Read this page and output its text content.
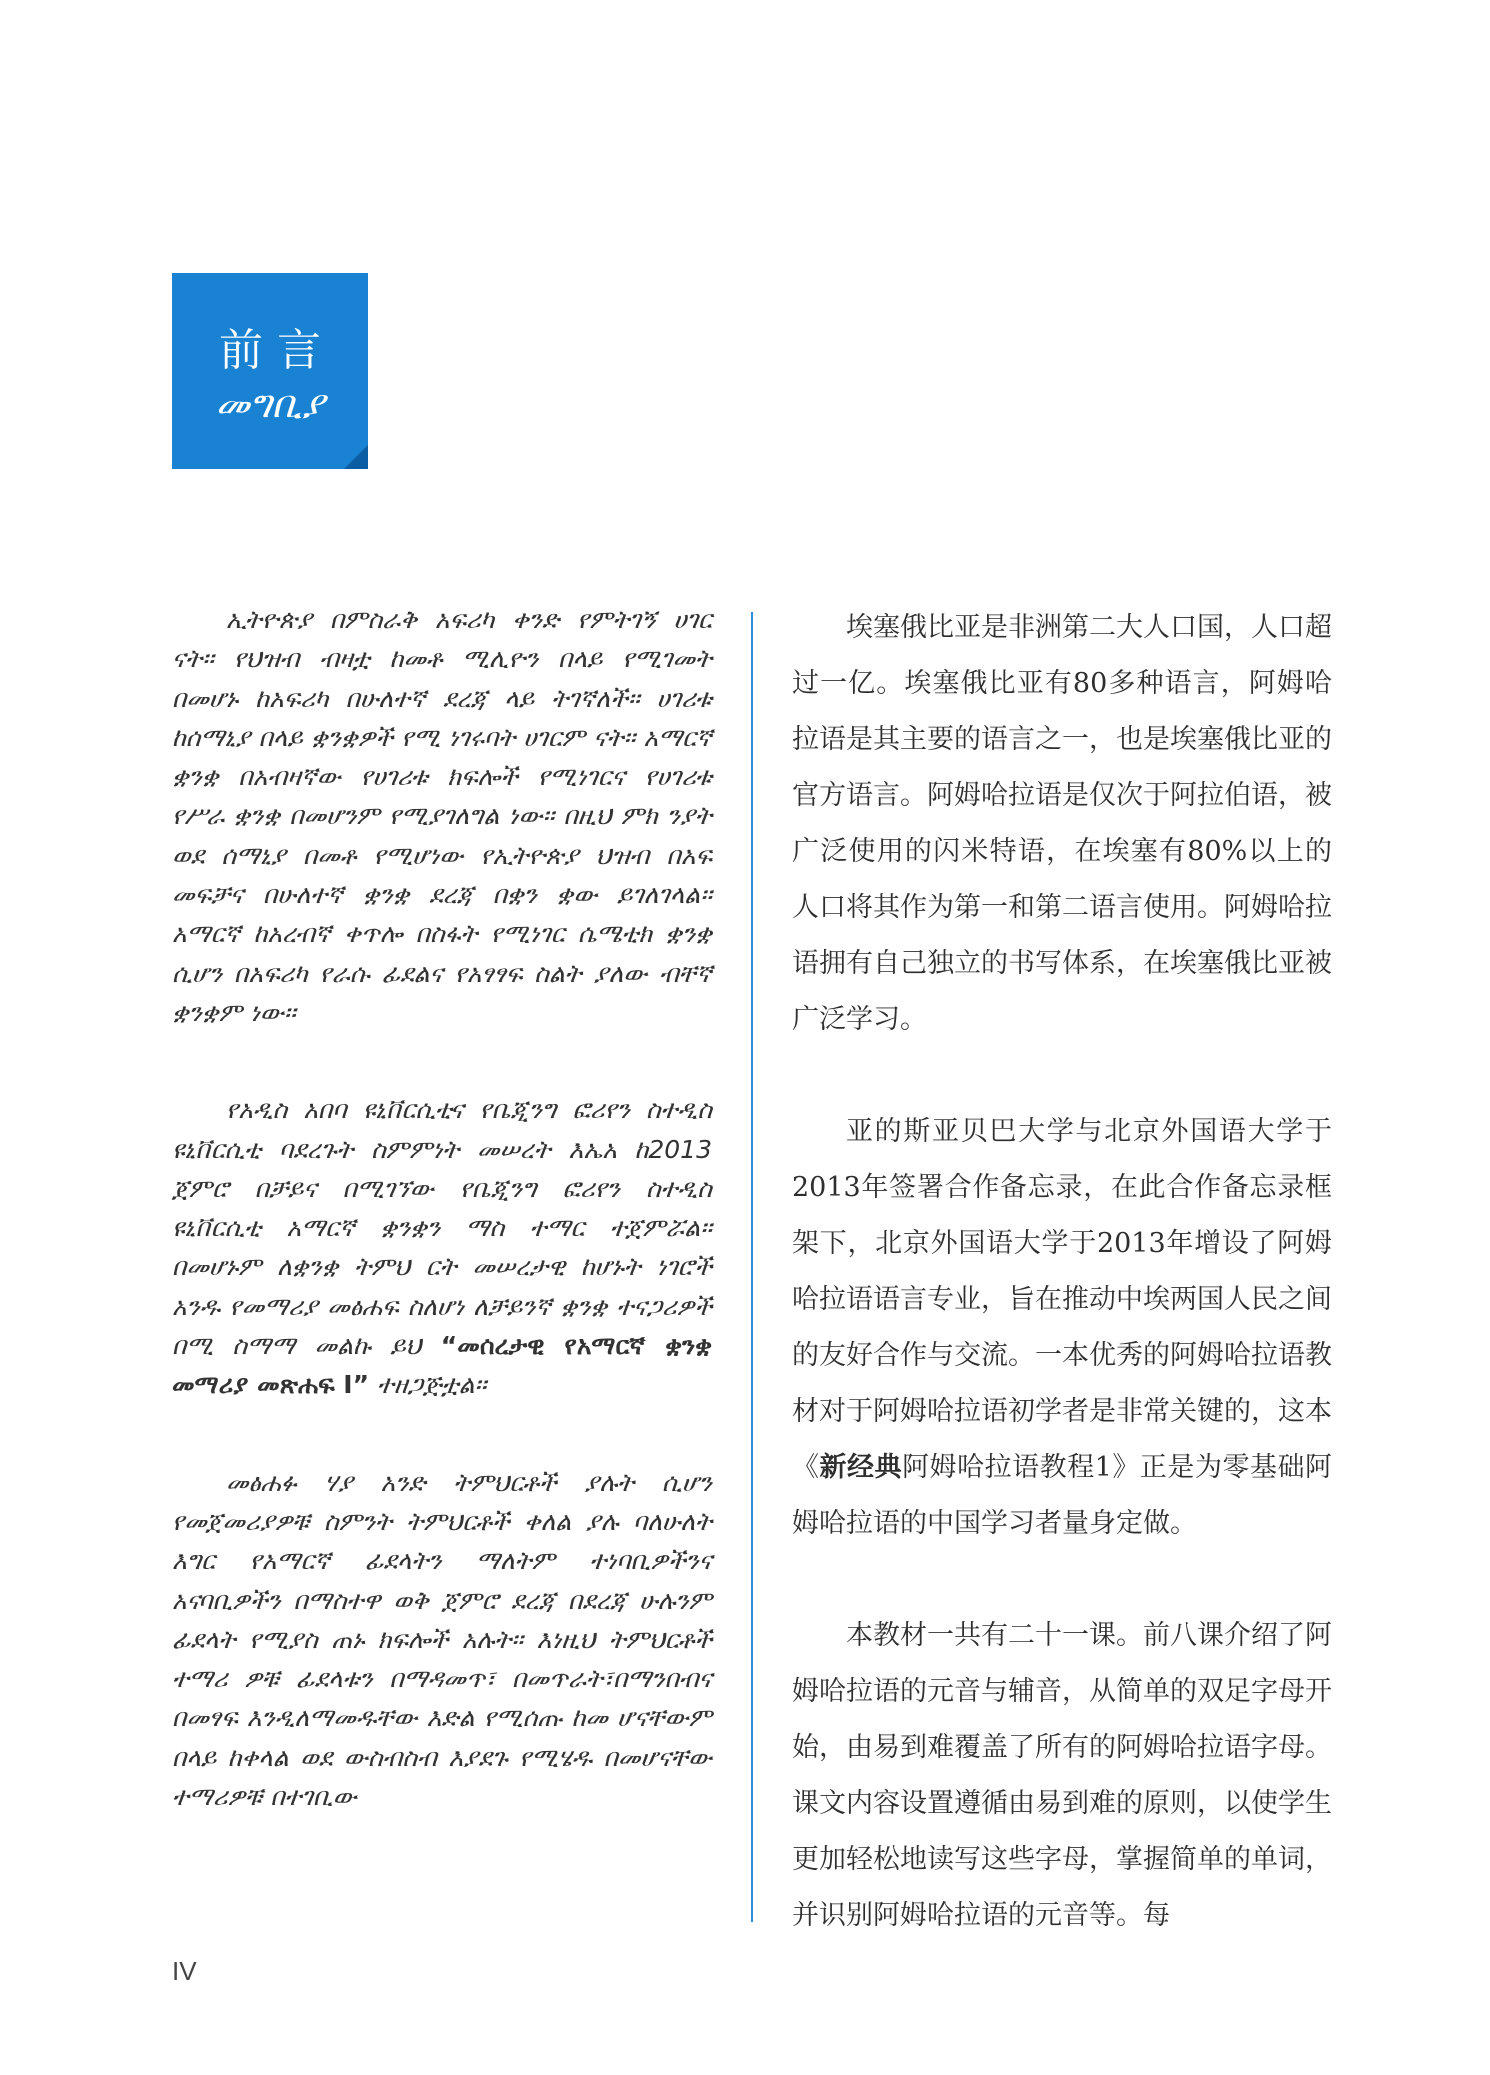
前言
መግቢያ

ኢትዮጵያ በምስራቅ አፍሪካ ቀንድ የምትገኝ ሀገር ናት፡፡ የህዝብ ብዛቷ ከመቶ ሚሊዮን በላይ የሚገመት በመሆኑ ከአፍሪካ በሁለተኛ ደረጃ ላይ ትገኛለች፡፡ ሀገሪቱ ከሰማኒያ በላይ ቋንቋዎች የሚ ነገሩባት ሀገርም ናት፡፡ አማርኛ ቋንቋ በአብዛኛው የሀገሪቱ ክፍሎች የሚነገርና የሀገሪቱ የሥራ ቋንቋ በመሆንም የሚያገለግል ነው፡፡ በዚህ ምክ ንያት ወደ ሰማኒያ በመቶ የሚሆነው የኢትዮጵያ ህዝብ በአፍ መፍቻና በሁለተኛ ቋንቋ ደረጃ በቋን ቋው ይገለገላል፡፡ አማርኛ ከአረብኛ ቀጥሎ በስፋት የሚነገር ሴሜቲክ ቋንቋ ሲሆን በአፍሪካ የራሱ ፊደልና የአፃፃፍ ስልት ያለው ብቸኛ ቋንቋም ነው፡፡

የአዲስ አበባ ዩኒቨርሲቲና የቤጂንግ ፎሪየን ስተዲስ ዩኒቨርሲቲ ባደረጉት ስምምነት መሠረት እኤአ ከ2013 ጀምሮ በቻይና በሚገኘው የቤጂንግ ፎሪየን ስተዲስ ዩኒቨርሲቲ አማርኛ ቋንቋን ማስ ተማር ተጀምሯል፡፡ በመሆኑም ለቋንቋ ትምህ ርት መሠረታዊ ከሆኑት ነገሮች አንዱ የመማሪያ መፅሐፍ ስለሆነ ለቻይንኛ ቋንቋ ተናጋሪዎች በሚ ስማማ መልኩ ይህ “መሰረታዊ የአማርኛ ቋንቋ መማሪያ መጽሐፍ Ⅰ” ተዘጋጅቷል፡፡

መፅሐፉ ሃያ አንድ ትምህርቶች ያሉት ሲሆን የመጀመሪያዎቹ ስምንት ትምህርቶች ቀለል ያሉ ባለሁለት እግር የአማርኛ ፊደላትን ማለትም ተነባቢዎችንና አናባቢዎችን በማስተዋ ወቅ ጀምሮ ደረጃ በደረጃ ሁሉንም ፊደላት የሚያስ ጠኑ ክፍሎች አሉት፡፡ እነዚህ ትምህርቶች ተማሪ ዎቹ ፊደላቱን በማዳመጥ፣ በመጥራት፣በማንበብና በመፃፍ እንዲለማመዱቸው እድል የሚሰጡ ከመ ሆናቸውም በላይ ከቀላል ወደ ውስብስብ እያደጉ የሚሄዱ በመሆናቸው ተማሪዎቹ በተገቢው

埃塞俄比亚是非洲第二大人口国，人口超过一亿。埃塞俄比亚有80多种语言，阿姆哈拉语是其主要的语言之一，也是埃塞俄比亚的官方语言。阿姆哈拉语是仅次于阿拉伯语，被广泛使用的闪米特语，在埃塞有80%以上的人口将其作为第一和第二语言使用。阿姆哈拉语拥有自己独立的书写体系，在埃塞俄比亚被广泛学习。

亚的斯亚贝巴大学与北京外国语大学于2013年签署合作备忘录，在此合作备忘录框架下，北京外国语大学于2013年增设了阿姆哈拉语语言专业，旨在推动中埃两国人民之间的友好合作与交流。一本优秀的阿姆哈拉语教材对于阿姆哈拉语初学者是非常关键的，这本《新经典阿姆哈拉语教程1》正是为零基础阿姆哈拉语的中国学习者量身定做。

本教材一共有二十一课。前八课介绍了阿姆哈拉语的元音与辅音，从简单的双足字母开始，由易到难覆盖了所有的阿姆哈拉语字母。课文内容设置遵循由易到难的原则，以使学生更加轻松地读写这些字母，掌握简单的单词，并识别阿姆哈拉语的元音等。每

IV
